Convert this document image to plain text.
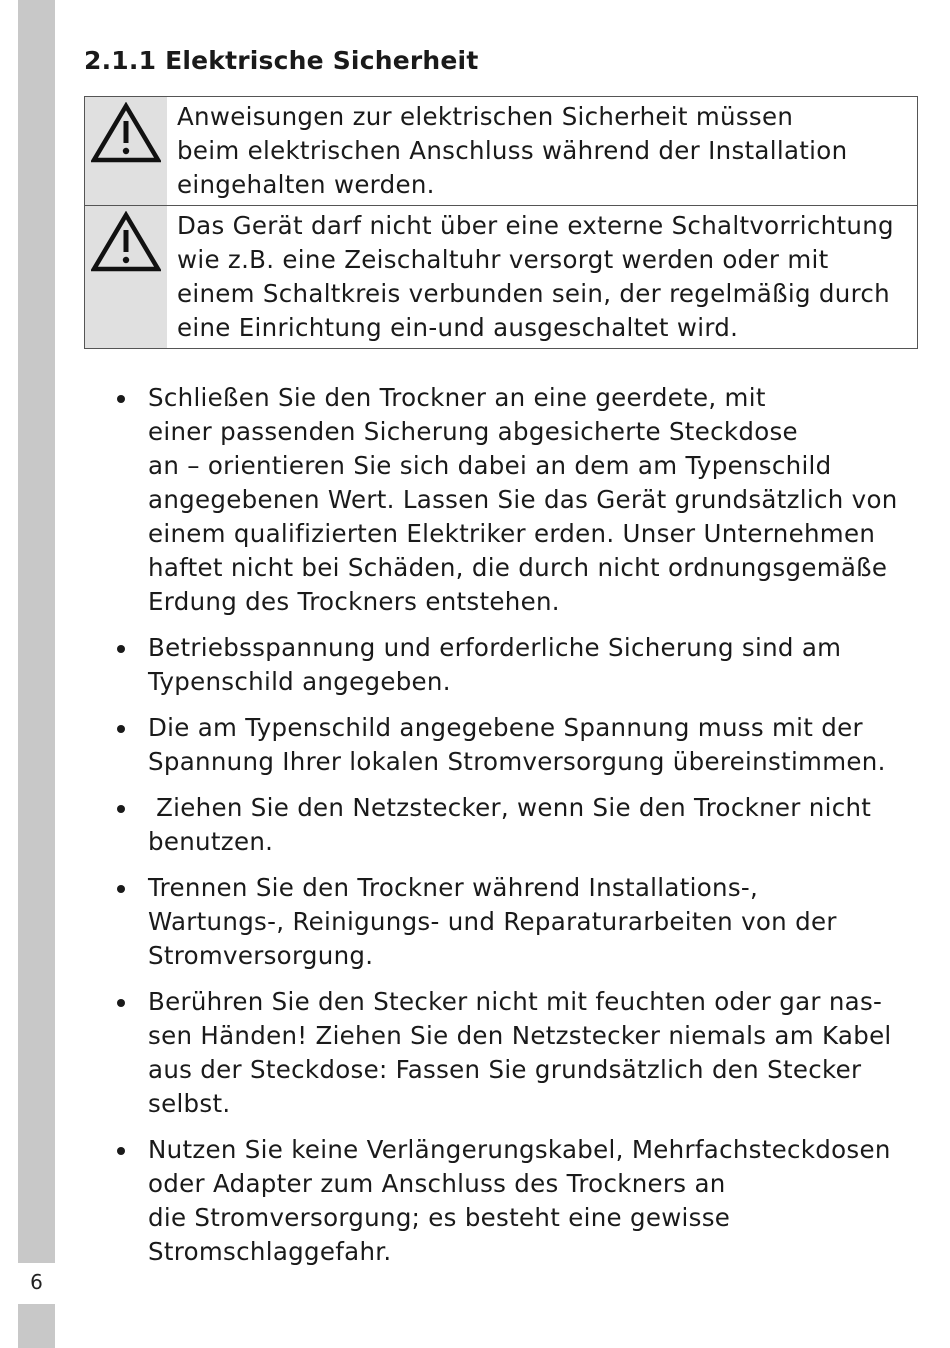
6
2.1.1 Elektrische Sicherheit
Anweisungen zur elektrischen Sicherheit müssen
beim elektrischen Anschluss während der Installation
eingehalten werden.
Das Gerät darf nicht über eine externe Schaltvorrichtung
wie z.B. eine Zeischaltuhr versorgt werden oder mit
einem Schaltkreis verbunden sein, der regelmäßig durch
eine Einrichtung ein-und ausgeschaltet wird.
Schließen Sie den Trockner an eine geerdete, mit
einer passenden Sicherung abgesicherte Steckdose
an – orientieren Sie sich dabei an dem am Typenschild
angegebenen Wert. Lassen Sie das Gerät grundsätzlich von
einem qualifizierten Elektriker erden. Unser Unternehmen
haftet nicht bei Schäden, die durch nicht ordnungsgemäße
Erdung des Trockners entstehen.
Betriebsspannung und erforderliche Sicherung sind am
Typenschild angegeben.
Die am Typenschild angegebene Spannung muss mit der
Spannung Ihrer lokalen Stromversorgung übereinstimmen.
Ziehen Sie den Netzstecker, wenn Sie den Trockner nicht
benutzen.
Trennen Sie den Trockner während Installations-,
Wartungs-, Reinigungs- und Reparaturarbeiten von der
Stromversorgung.
Berühren Sie den Stecker nicht mit feuchten oder gar nas-
sen Händen! Ziehen Sie den Netzstecker niemals am Kabel
aus der Steckdose: Fassen Sie grundsätzlich den Stecker
selbst.
Nutzen Sie keine Verlängerungskabel, Mehrfachsteckdosen
oder Adapter zum Anschluss des Trockners an
die Stromversorgung; es besteht eine gewisse
Stromschlaggefahr.
